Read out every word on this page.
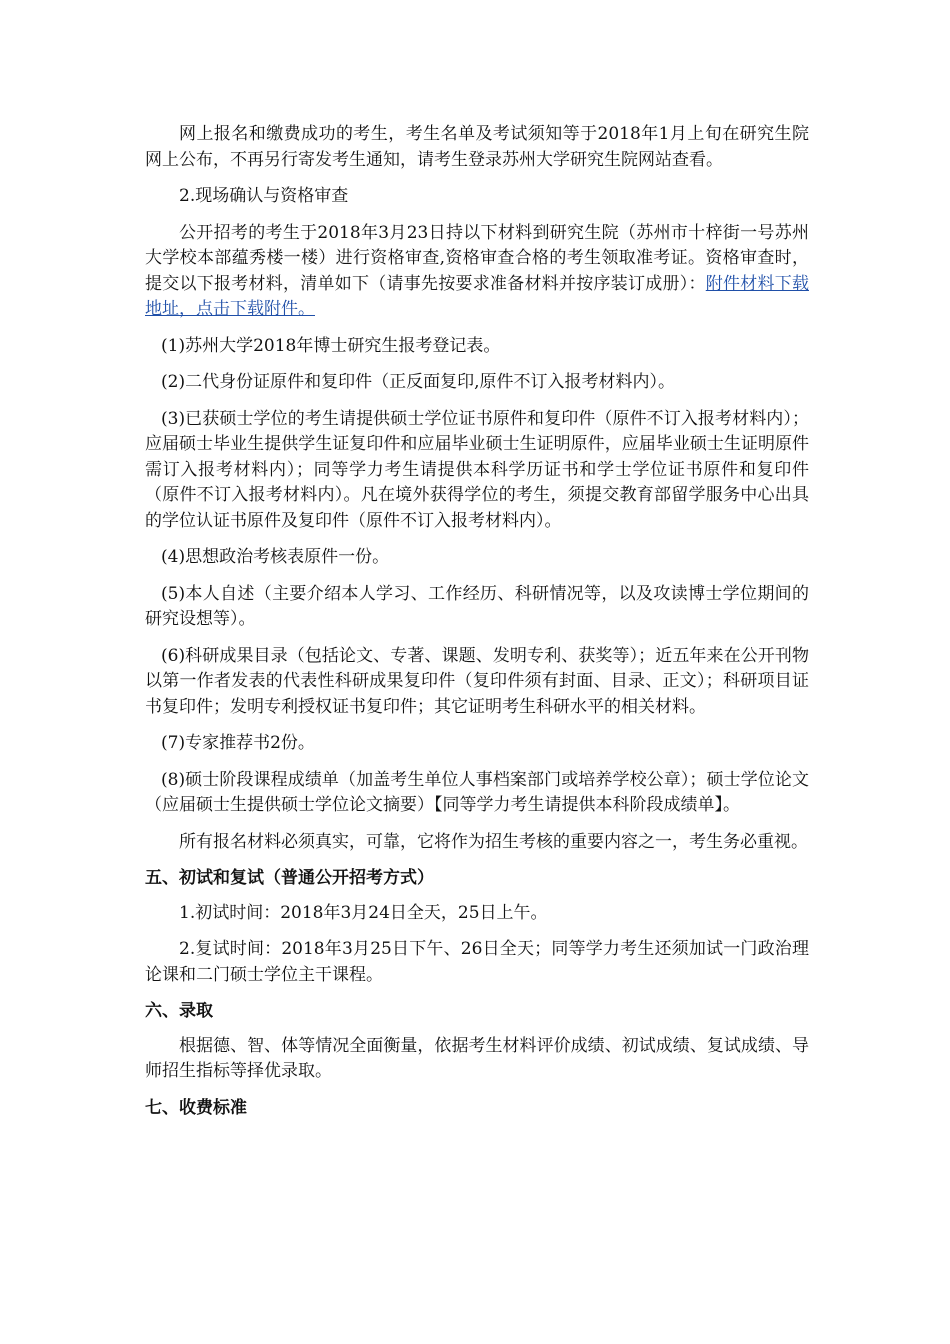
网上报名和缴费成功的考生，考生名单及考试须知等于2018年1月上旬在研究生院网上公布，不再另行寄发考生通知，请考生登录苏州大学研究生院网站查看。

2.现场确认与资格审查

公开招考的考生于2018年3月23日持以下材料到研究生院（苏州市十梓街一号苏州大学校本部蕴秀楼一楼）进行资格审查,资格审查合格的考生领取准考证。资格审查时，提交以下报考材料，清单如下（请事先按要求准备材料并按序装订成册）：附件材料下载地址，点击下载附件。

(1)苏州大学2018年博士研究生报考登记表。

(2)二代身份证原件和复印件（正反面复印,原件不订入报考材料内）。

(3)已获硕士学位的考生请提供硕士学位证书原件和复印件（原件不订入报考材料内）；应届硕士毕业生提供学生证复印件和应届毕业硕士生证明原件，应届毕业硕士生证明原件需订入报考材料内）；同等学力考生请提供本科学历证书和学士学位证书原件和复印件（原件不订入报考材料内）。凡在境外获得学位的考生，须提交教育部留学服务中心出具的学位认证书原件及复印件（原件不订入报考材料内）。

(4)思想政治考核表原件一份。

(5)本人自述（主要介绍本人学习、工作经历、科研情况等，以及攻读博士学位期间的研究设想等）。

(6)科研成果目录（包括论文、专著、课题、发明专利、获奖等）；近五年来在公开刊物以第一作者发表的代表性科研成果复印件（复印件须有封面、目录、正文）；科研项目证书复印件；发明专利授权证书复印件；其它证明考生科研水平的相关材料。

(7)专家推荐书2份。

(8)硕士阶段课程成绩单（加盖考生单位人事档案部门或培养学校公章）；硕士学位论文（应届硕士生提供硕士学位论文摘要）【同等学力考生请提供本科阶段成绩单】。

所有报名材料必须真实，可靠，它将作为招生考核的重要内容之一，考生务必重视。

五、初试和复试（普通公开招考方式）

1.初试时间：2018年3月24日全天，25日上午。

2.复试时间：2018年3月25日下午、26日全天；同等学力考生还须加试一门政治理论课和二门硕士学位主干课程。

六、录取

根据德、智、体等情况全面衡量，依据考生材料评价成绩、初试成绩、复试成绩、导师招生指标等择优录取。

七、收费标准
